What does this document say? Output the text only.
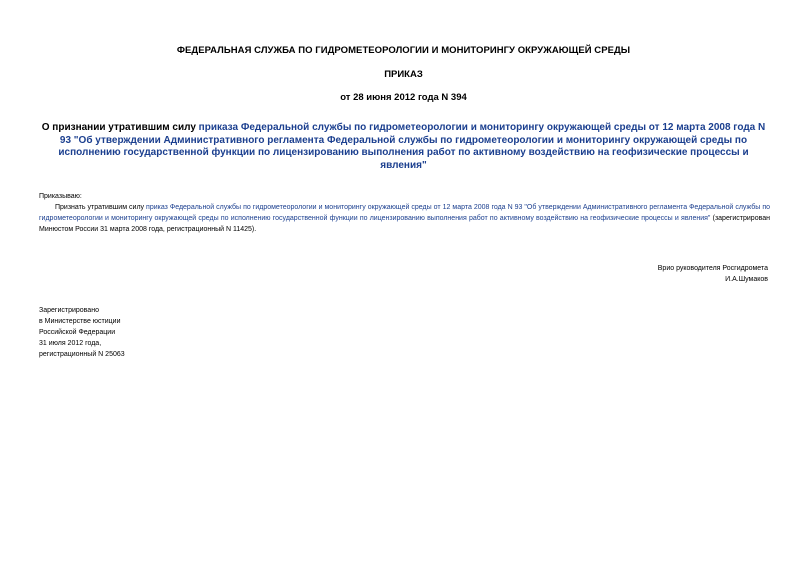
ФЕДЕРАЛЬНАЯ СЛУЖБА ПО ГИДРОМЕТЕОРОЛОГИИ И МОНИТОРИНГУ ОКРУЖАЮЩЕЙ СРЕДЫ
ПРИКАЗ
от 28 июня 2012 года N 394
О признании утратившим силу приказа Федеральной службы по гидрометеорологии и мониторингу окружающей среды от 12 марта 2008 года N 93 "Об утверждении Административного регламента Федеральной службы по гидрометеорологии и мониторингу окружающей среды по исполнению государственной функции по лицензированию выполнения работ по активному воздействию на геофизические процессы и явления"

Приказываю:

Признать утратившим силу приказ Федеральной службы по гидрометеорологии и мониторингу окружающей среды от 12 марта 2008 года N 93 "Об утверждении Административного регламента Федеральной службы по гидрометеорологии и мониторингу окружающей среды по исполнению государственной функции по лицензированию выполнения работ по активному воздействию на геофизические процессы и явления" (зарегистрирован Минюстом России 31 марта 2008 года, регистрационный N 11425).

Врио руководителя Росгидромета
И.А.Шумаков
Зарегистрировано
в Министерстве юстиции
Российской Федерации
31 июля 2012 года,
регистрационный N 25063
